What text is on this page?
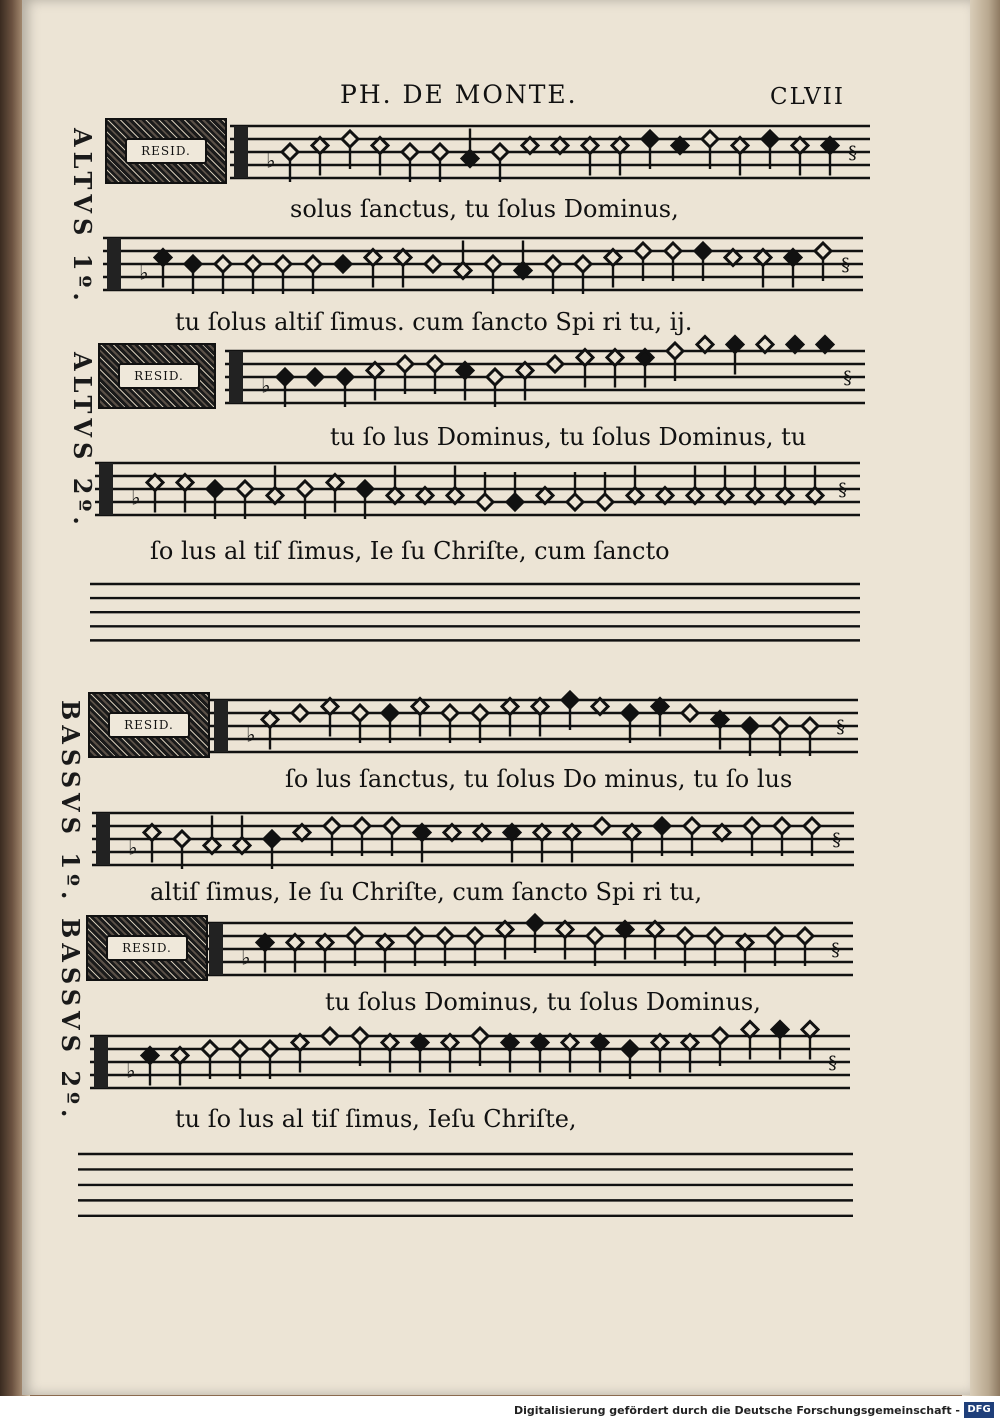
PH. DE MONTE.	CLVII
ALTVS 1º.
ALTVS 2º.
BASSVS 1º.
BASSVS 2º.
RESID.
RESID.
RESID.
RESID.
♭	§
♭	§
♭	§
♭	§
♭	§
♭	§
♭	§
♭	§
solus ſanctus, tu ſolus Dominus,
tu ſolus altiſ ſimus. cum ſancto Spi ri tu, ij.
tu ſo lus Dominus, tu ſolus Dominus, tu
ſo lus al tiſ ſimus, Ie ſu Chriſte, cum ſancto
ſo lus ſanctus, tu ſolus Do minus, tu ſo lus
altiſ ſimus, Ie ſu Chriſte, cum ſancto Spi ri tu,
tu ſolus Dominus, tu ſolus Dominus,
tu ſo lus al tiſ ſimus, Ieſu Chriſte,
Digitalisierung gefördert durch die Deutsche Forschungsgemeinschaft - DFG
